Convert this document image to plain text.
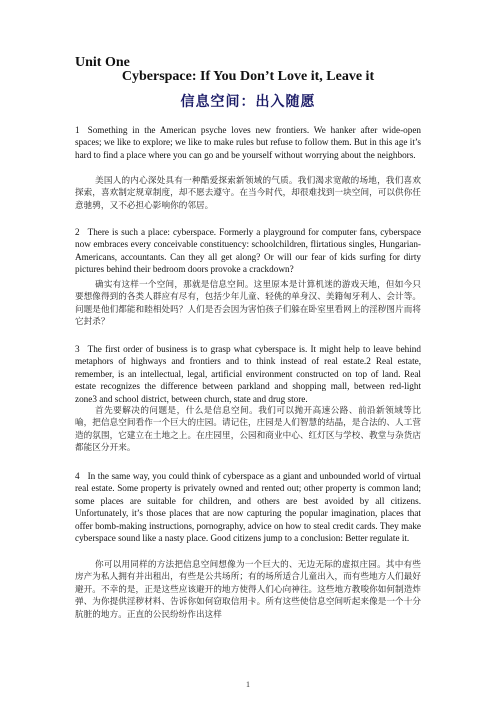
Unit One
Cyberspace: If You Don’t Love it, Leave it
信息空间：出入随愿

1 Something in the American psyche loves new frontiers. We hanker after wide-open spaces; we like to explore; we like to make rules but refuse to follow them. But in this age it’s hard to find a place where you can go and be yourself without worrying about the neighbors.

美国人的内心深处具有一种酷爱探索新领域的气质。我们渴求宽敞的场地，我们喜欢探索，喜欢制定规章制度，却不愿去遵守。在当今时代，却很难找到一块空间，可以供你任意驰骋，又不必担心影响你的邻居。

2 There is such a place: cyberspace. Formerly a playground for computer fans, cyberspace now embraces every conceivable constituency: schoolchildren, flirtatious singles, Hungarian-Americans, accountants. Can they all get along? Or will our fear of kids surfing for dirty pictures behind their bedroom doors provoke a crackdown?

确实有这样一个空间，那就是信息空间。这里原本是计算机迷的游戏天地，但如今只要想像得到的各类人群应有尽有，包括少年儿童、轻佻的单身汉、美籍匈牙利人、会计等。问题是他们都能和睦相处吗？人们是否会因为害怕孩子们躲在卧室里看网上的淫秽图片而将它封杀？

3 The first order of business is to grasp what cyberspace is. It might help to leave behind metaphors of highways and frontiers and to think instead of real estate.2 Real estate, remember, is an intellectual, legal, artificial environment constructed on top of land. Real estate recognizes the difference between parkland and shopping mall, between red-light zone3 and school district, between church, state and drug store.

首先要解决的问题是，什么是信息空间。我们可以抛开高速公路、前沿新领域等比喻，把信息空间看作一个巨大的庄园。请记住，庄园是人们智慧的结晶，是合法的、人工营造的氛围，它建立在土地之上。在庄园里，公园和商业中心、红灯区与学校、教堂与杂货店都能区分开来。

4 In the same way, you could think of cyberspace as a giant and unbounded world of virtual real estate. Some property is privately owned and rented out; other property is common land; some places are suitable for children, and others are best avoided by all citizens. Unfortunately, it’s those places that are now capturing the popular imagination, places that offer bomb-making instructions, pornography, advice on how to steal credit cards. They make cyberspace sound like a nasty place. Good citizens jump to a conclusion: Better regulate it.

你可以用同样的方法把信息空间想像为一个巨大的、无边无际的虚拟庄园。其中有些房产为私人拥有并出租出，有些是公共场所；有的场所适合儿童出入，而有些地方人们最好避开。不幸的是，正是这些应该避开的地方使得人们心向神往。这些地方教唆你如何制造炸弹、为你提供淫秽材料、告诉你如何窃取信用卡。所有这些使信息空间听起来像是一个十分肮脏的地方。正直的公民纷纷作出这样

1
